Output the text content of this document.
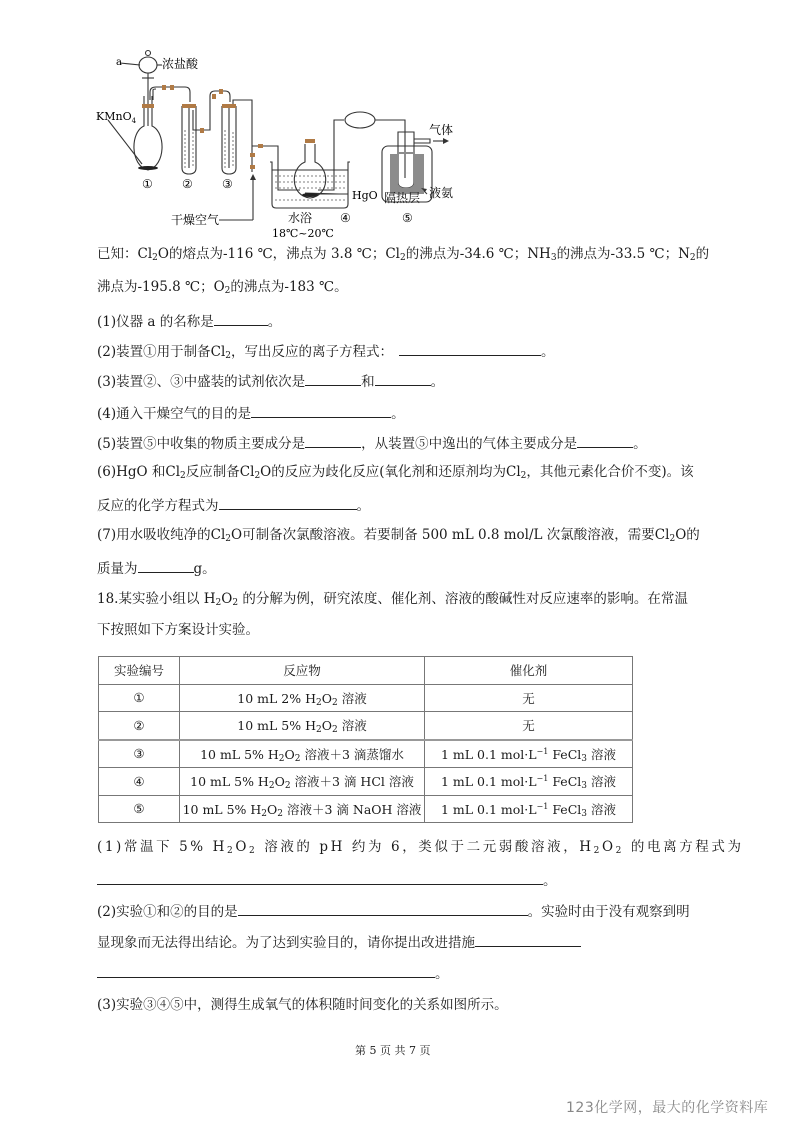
a	浓盐酸
KMnO$_4$
① ② ③
干燥空气	水浴
18℃~20℃
④
HgO
气体
液氨
隔热层
⑤
已知：$Cl_2O$的熔点为-116 ℃，沸点为 3.8 ℃；$Cl_2$的沸点为-34.6 ℃；$NH_3$的沸点为-33.5 ℃；$N_2$的
沸点为-195.8 ℃；$O_2$的沸点为-183 ℃。
(1)仪器 a 的名称是	。
(2)装置①用于制备$Cl_2$，写出反应的离子方程式：	。
(3)装置②、③中盛装的试剂依次是	和	。
(4)通入干燥空气的目的是	。
(5)装置⑤中收集的物质主要成分是	，从装置⑤中逸出的气体主要成分是	。
(6)HgO 和$Cl_2$反应制备$Cl_2O$的反应为歧化反应(氧化剂和还原剂均为$Cl_2$，其他元素化合价不变)。该
反应的化学方程式为	。
(7)用水吸收纯净的$Cl_2O$可制备次氯酸溶液。若要制备 500 mL 0.8 mol/L 次氯酸溶液，需要$Cl_2O$的
质量为	g。
18.某实验小组以 $H_2O_2$ 的分解为例，研究浓度、催化剂、溶液的酸碱性对反应速率的影响。在常温
下按照如下方案设计实验。
实验编号	反应物	催化剂
①	10 mL 2% $H_2O_2$ 溶液	无
②	10 mL 5% $H_2O_2$ 溶液	无
③	10 mL 5% $H_2O_2$ 溶液＋3 滴蒸馏水	1 mL 0.1 $mol\cdot L^{-1}$ FeCl$_3$ 溶液
④	10 mL 5% $H_2O_2$ 溶液＋3 滴 HCl 溶液	1 mL 0.1 $mol\cdot L^{-1}$ FeCl$_3$ 溶液
⑤	10 mL 5% $H_2O_2$ 溶液＋3 滴 NaOH 溶液	1 mL 0.1 $mol\cdot L^{-1}$ FeCl$_3$ 溶液
(1)常温下 5% $H_2O_2$ 溶液的 pH 约为 6，类似于二元弱酸溶液，$H_2O_2$ 的电离方程式为
。
(2)实验①和②的目的是	。实验时由于没有观察到明
显现象而无法得出结论。为了达到实验目的，请你提出改进措施
。
(3)实验③④⑤中，测得生成氧气的体积随时间变化的关系如图所示。
第 5 页 共 7 页
123化学网，最大的化学资料库
